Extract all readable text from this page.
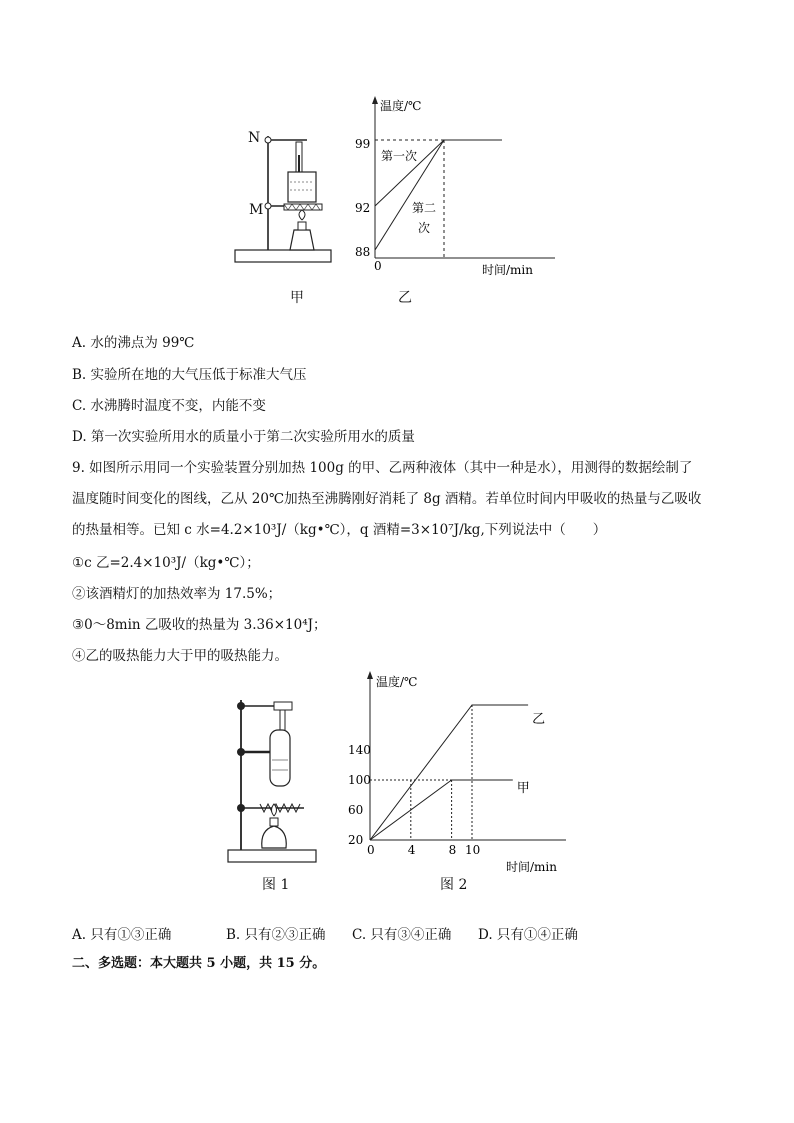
N
M
甲
温度/℃
时间/min
0
99
92
88
第一次
第二
次
乙
A. 水的沸点为 99℃
B. 实验所在地的大气压低于标准大气压
C. 水沸腾时温度不变，内能不变
D. 第一次实验所用水的质量小于第二次实验所用水的质量
9. 如图所示用同一个实验装置分别加热 100g 的甲、乙两种液体（其中一种是水），用测得的数据绘制了
温度随时间变化的图线，乙从 20℃加热至沸腾刚好消耗了 8g 酒精。若单位时间内甲吸收的热量与乙吸收
的热量相等。已知 c 水=4.2×10³J/（kg•℃），q 酒精=3×10⁷J/kg,下列说法中（　　）
①c 乙=2.4×10³J/（kg•℃）；
②该酒精灯的加热效率为 17.5%；
③0～8min 乙吸收的热量为 3.36×10⁴J；
④乙的吸热能力大于甲的吸热能力。
图 1
温度/℃
时间/min
0	4	8 10
20
60
100
140
乙
甲
图 2
A. 只有①③正确	B. 只有②③正确 C. 只有③④正确 D. 只有①④正确
二、多选题：本大题共 5 小题，共 15 分。
